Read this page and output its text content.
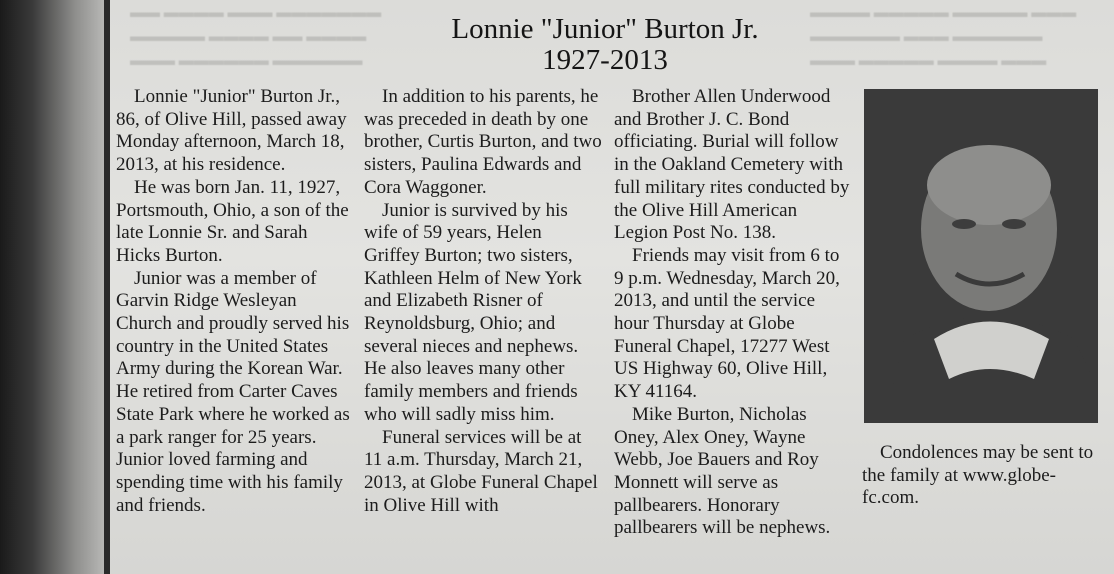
▬▬ ▬▬▬▬ ▬▬▬ ▬▬▬▬▬▬▬
▬▬▬▬▬ ▬▬▬▬ ▬▬ ▬▬▬▬
▬▬▬ ▬▬▬▬▬▬ ▬▬▬▬▬▬
▬▬▬▬ ▬▬▬▬▬ ▬▬▬▬▬ ▬▬▬
▬▬▬▬▬▬ ▬▬▬ ▬▬▬▬▬▬
▬▬▬ ▬▬▬▬▬ ▬▬▬▬ ▬▬▬
Lonnie "Junior" Burton Jr.
1927-2013

Lonnie "Junior" Burton Jr., 86, of Olive Hill, passed away Monday afternoon, March 18, 2013, at his residence.

He was born Jan. 11, 1927, Portsmouth, Ohio, a son of the late Lonnie Sr. and Sarah Hicks Burton.

Junior was a member of Garvin Ridge Wesleyan Church and proudly served his country in the United States Army during the Korean War. He retired from Carter Caves State Park where he worked as a park ranger for 25 years. Junior loved farming and spending time with his family and friends.

In addition to his parents, he was preceded in death by one brother, Curtis Burton, and two sisters, Paulina Edwards and Cora Waggoner.

Junior is survived by his wife of 59 years, Helen Griffey Burton; two sisters, Kathleen Helm of New York and Elizabeth Risner of Reynoldsburg, Ohio; and several nieces and nephews. He also leaves many other family members and friends who will sadly miss him.

Funeral services will be at 11 a.m. Thursday, March 21, 2013, at Globe Funeral Chapel in Olive Hill with

Brother Allen Underwood and Brother J. C. Bond officiating. Burial will follow in the Oakland Cemetery with full military rites conducted by the Olive Hill American Legion Post No. 138.

Friends may visit from 6 to 9 p.m. Wednesday, March 20, 2013, and until the service hour Thursday at Globe Funeral Chapel, 17277 West US Highway 60, Olive Hill, KY 41164.

Mike Burton, Nicholas Oney, Alex Oney, Wayne Webb, Joe Bauers and Roy Monnett will serve as pallbearers. Honorary pallbearers will be nephews.

Condolences may be sent to the family at www.globe-fc.com.
